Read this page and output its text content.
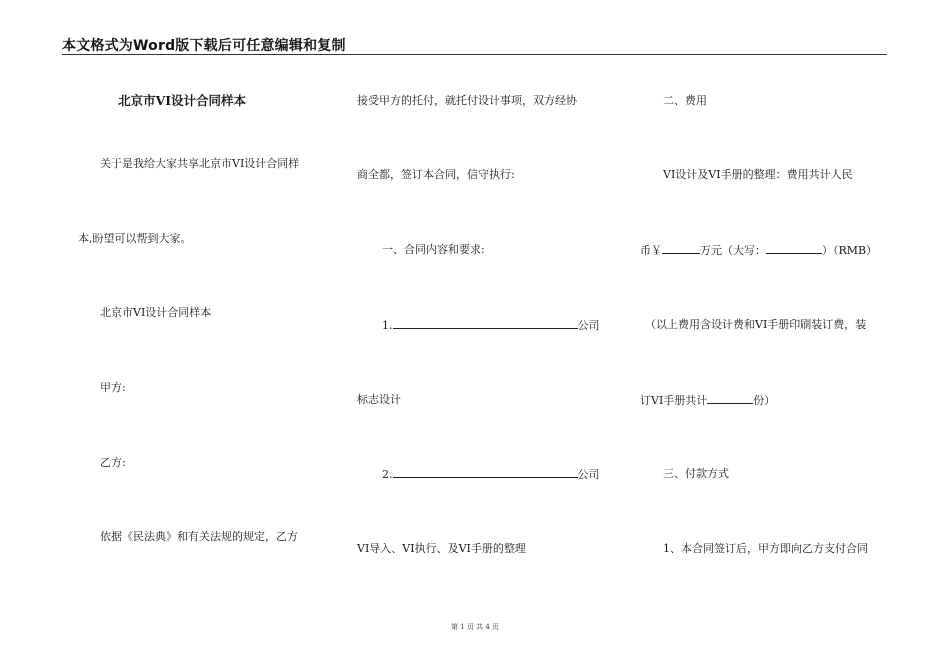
本文格式为Word版下载后可任意编辑和复制
北京市VI设计合同样本
关于是我给大家共享北京市VI设计合同样
本,盼望可以帮到大家。
北京市VI设计合同样本
甲方:
乙方:
依据《民法典》和有关法规的规定，乙方
接受甲方的托付，就托付设计事项，双方经协
商全都，签订本合同，信守执行:
一、合同内容和要求:
1.	公司
标志设计
2.	公司
VI导入、VI执行、及VI手册的整理
二、费用
VI设计及VI手册的整理：费用共计人民
币￥	万元（大写：	）（RMB）
（以上费用含设计费和VI手册印刷装订费，装
订VI手册共计	份）
三、付款方式
1、本合同签订后，甲方即向乙方支付合同
第 1 页 共 4 页
